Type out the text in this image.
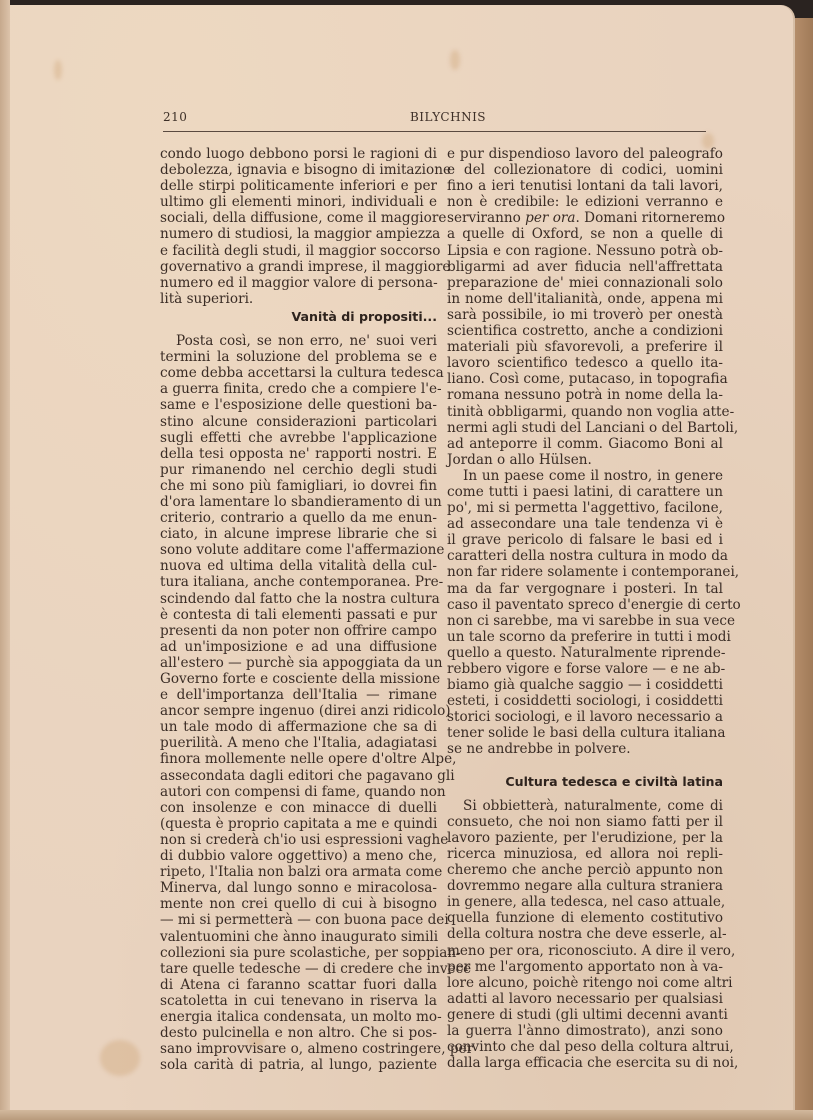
210	BILYCHNIS
condo luogo debbono porsi le ragioni di
debolezza, ignavia e bisogno di imitazione
delle stirpi politicamente inferiori e per
ultimo gli elementi minori, individuali e
sociali, della diffusione, come il maggiore
numero di studiosi, la maggior ampiezza
e facilità degli studi, il maggior soccorso
governativo a grandi imprese, il maggiore
numero ed il maggior valore di persona-
lità superiori.
Vanità di propositi...
Posta così, se non erro, ne' suoi veri
termini la soluzione del problema se e
come debba accettarsi la cultura tedesca
a guerra finita, credo che a compiere l'e-
same e l'esposizione delle questioni ba-
stino alcune considerazioni particolari
sugli effetti che avrebbe l'applicazione
della tesi opposta ne' rapporti nostri. E
pur rimanendo nel cerchio degli studi
che mi sono più famigliari, io dovrei fin
d'ora lamentare lo sbandieramento di un
criterio, contrario a quello da me enun-
ciato, in alcune imprese librarie che si
sono volute additare come l'affermazione
nuova ed ultima della vitalità della cul-
tura italiana, anche contemporanea. Pre-
scindendo dal fatto che la nostra cultura
è contesta di tali elementi passati e pur
presenti da non poter non offrire campo
ad un'imposizione e ad una diffusione
all'estero — purchè sia appoggiata da un
Governo forte e cosciente della missione
e dell'importanza dell'Italia — rimane
ancor sempre ingenuo (direi anzi ridicolo)
un tale modo di affermazione che sa di
puerilità. A meno che l'Italia, adagiatasi
finora mollemente nelle opere d'oltre Alpe,
assecondata dagli editori che pagavano gli
autori con compensi di fame, quando non
con insolenze e con minacce di duelli
(questa è proprio capitata a me e quindi
non si crederà ch'io usi espressioni vaghe
di dubbio valore oggettivo) a meno che,
ripeto, l'Italia non balzi ora armata come
Minerva, dal lungo sonno e miracolosa-
mente non crei quello di cui à bisogno
— mi si permetterà — con buona pace dei
valentuomini che ànno inaugurato simili
collezioni sia pure scolastiche, per soppian-
tare quelle tedesche — di credere che invece
di Atena ci faranno scattar fuori dalla
scatoletta in cui tenevano in riserva la
energia italica condensata, un molto mo-
desto pulcinella e non altro. Che si pos-
sano improvvisare o, almeno costringere, per
sola carità di patria, al lungo, paziente
e pur dispendioso lavoro del paleografo
e del collezionatore di codici, uomini
fino a ieri tenutisi lontani da tali lavori,
non è credibile: le edizioni verranno e
serviranno per ora. Domani ritorneremo
a quelle di Oxford, se non a quelle di
Lipsia e con ragione. Nessuno potrà ob-
bligarmi ad aver fiducia nell'affrettata
preparazione de' miei connazionali solo
in nome dell'italianità, onde, appena mi
sarà possibile, io mi troverò per onestà
scientifica costretto, anche a condizioni
materiali più sfavorevoli, a preferire il
lavoro scientifico tedesco a quello ita-
liano. Così come, putacaso, in topografia
romana nessuno potrà in nome della la-
tinità obbligarmi, quando non voglia atte-
nermi agli studi del Lanciani o del Bartoli,
ad anteporre il comm. Giacomo Boni al
Jordan o allo Hülsen.
In un paese come il nostro, in genere
come tutti i paesi latini, di carattere un
po', mi si permetta l'aggettivo, facilone,
ad assecondare una tale tendenza vi è
il grave pericolo di falsare le basi ed i
caratteri della nostra cultura in modo da
non far ridere solamente i contemporanei,
ma da far vergognare i posteri. In tal
caso il paventato spreco d'energie di certo
non ci sarebbe, ma vi sarebbe in sua vece
un tale scorno da preferire in tutti i modi
quello a questo. Naturalmente riprende-
rebbero vigore e forse valore — e ne ab-
biamo già qualche saggio — i cosiddetti
esteti, i cosiddetti sociologi, i cosiddetti
storici sociologi, e il lavoro necessario a
tener solide le basi della cultura italiana
se ne andrebbe in polvere.
Cultura tedesca e civiltà latina
Si obbietterà, naturalmente, come di
consueto, che noi non siamo fatti per il
lavoro paziente, per l'erudizione, per la
ricerca minuziosa, ed allora noi repli-
cheremo che anche perciò appunto non
dovremmo negare alla cultura straniera
in genere, alla tedesca, nel caso attuale,
quella funzione di elemento costitutivo
della coltura nostra che deve esserle, al-
meno per ora, riconosciuto. A dire il vero,
per me l'argomento apportato non à va-
lore alcuno, poichè ritengo noi come altri
adatti al lavoro necessario per qualsiasi
genere di studi (gli ultimi decenni avanti
la guerra l'ànno dimostrato), anzi sono
convinto che dal peso della coltura altrui,
dalla larga efficacia che esercita su di noi,
